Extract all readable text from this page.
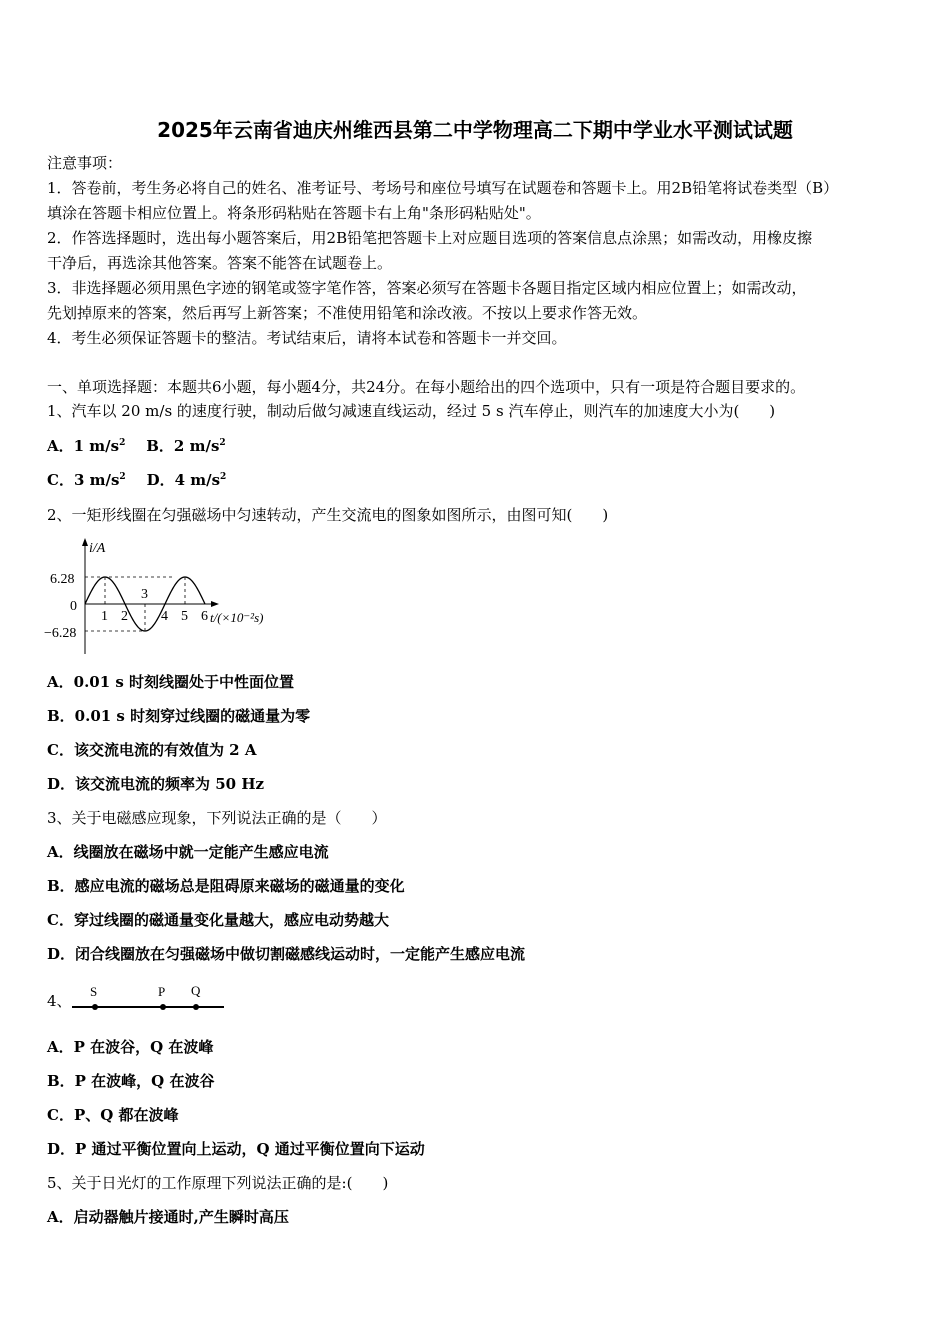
2025年云南省迪庆州维西县第二中学物理高二下期中学业水平测试试题
注意事项：
1．答卷前，考生务必将自己的姓名、准考证号、考场号和座位号填写在试题卷和答题卡上。用2B铅笔将试卷类型（B）
填涂在答题卡相应位置上。将条形码粘贴在答题卡右上角"条形码粘贴处"。
2．作答选择题时，选出每小题答案后，用2B铅笔把答题卡上对应题目选项的答案信息点涂黑；如需改动，用橡皮擦
干净后，再选涂其他答案。答案不能答在试题卷上。
3．非选择题必须用黑色字迹的钢笔或签字笔作答，答案必须写在答题卡各题目指定区域内相应位置上；如需改动，
先划掉原来的答案，然后再写上新答案；不准使用铅笔和涂改液。不按以上要求作答无效。
4．考生必须保证答题卡的整洁。考试结束后，请将本试卷和答题卡一并交回。
一、单项选择题：本题共6小题，每小题4分，共24分。在每小题给出的四个选项中，只有一项是符合题目要求的。
1、汽车以 20 m/s 的速度行驶，制动后做匀减速直线运动，经过 5 s 汽车停止，则汽车的加速度大小为(　　)
A．1 $m/s^2$ B．2 $m/s^2$
C．3 $m/s^2$ D．4 $m/s^2$
2、一矩形线圈在匀强磁场中匀速转动，产生交流电的图象如图所示，由图可知(　　)
i/A
t/(×10⁻²s)
6.28
0
−6.28
1 2
3
4 5 6
A．0.01 s 时刻线圈处于中性面位置
B．0.01 s 时刻穿过线圈的磁通量为零
C．该交流电流的有效值为 2 A
D．该交流电流的频率为 50 Hz
3、关于电磁感应现象，下列说法正确的是（　　）
A．线圈放在磁场中就一定能产生感应电流
B．感应电流的磁场总是阻碍原来磁场的磁通量的变化
C．穿过线圈的磁通量变化量越大，感应电动势越大
D．闭合线圈放在匀强磁场中做切割磁感线运动时，一定能产生感应电流
4、
S	P Q
A．P 在波谷，Q 在波峰
B．P 在波峰，Q 在波谷
C．P、Q 都在波峰
D．P 通过平衡位置向上运动，Q 通过平衡位置向下运动
5、关于日光灯的工作原理下列说法正确的是:(　　)
A．启动器触片接通时,产生瞬时高压
